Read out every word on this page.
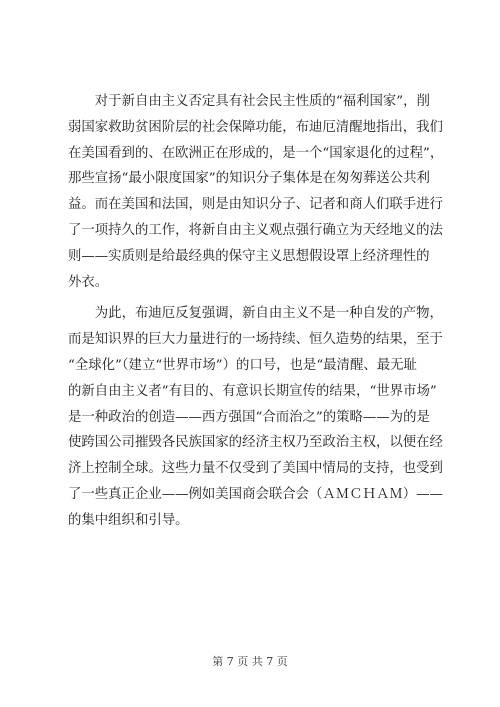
对于新自由主义否定具有社会民主性质的“福利国家”，削
弱国家救助贫困阶层的社会保障功能，布迪厄清醒地指出，我们
在美国看到的、在欧洲正在形成的，是一个“国家退化的过程”，
那些宣扬“最小限度国家”的知识分子集体是在匆匆葬送公共利
益。而在美国和法国，则是由知识分子、记者和商人们联手进行
了一项持久的工作，将新自由主义观点强行确立为天经地义的法
则——实质则是给最经典的保守主义思想假设罩上经济理性的
外衣。

为此，布迪厄反复强调，新自由主义不是一种自发的产物，
而是知识界的巨大力量进行的一场持续、恒久造势的结果，至于
“全球化”（建立“世界市场”）的口号，也是“最清醒、最无耻
的新自由主义者”有目的、有意识长期宣传的结果，“世界市场”
是一种政治的创造——西方强国“合而治之”的策略——为的是
使跨国公司摧毁各民族国家的经济主权乃至政治主权，以便在经
济上控制全球。这些力量不仅受到了美国中情局的支持，也受到
了一些真正企业——例如美国商会联合会（ＡＭＣＨＡＭ）——
的集中组织和引导。

第 7 页 共 7 页
